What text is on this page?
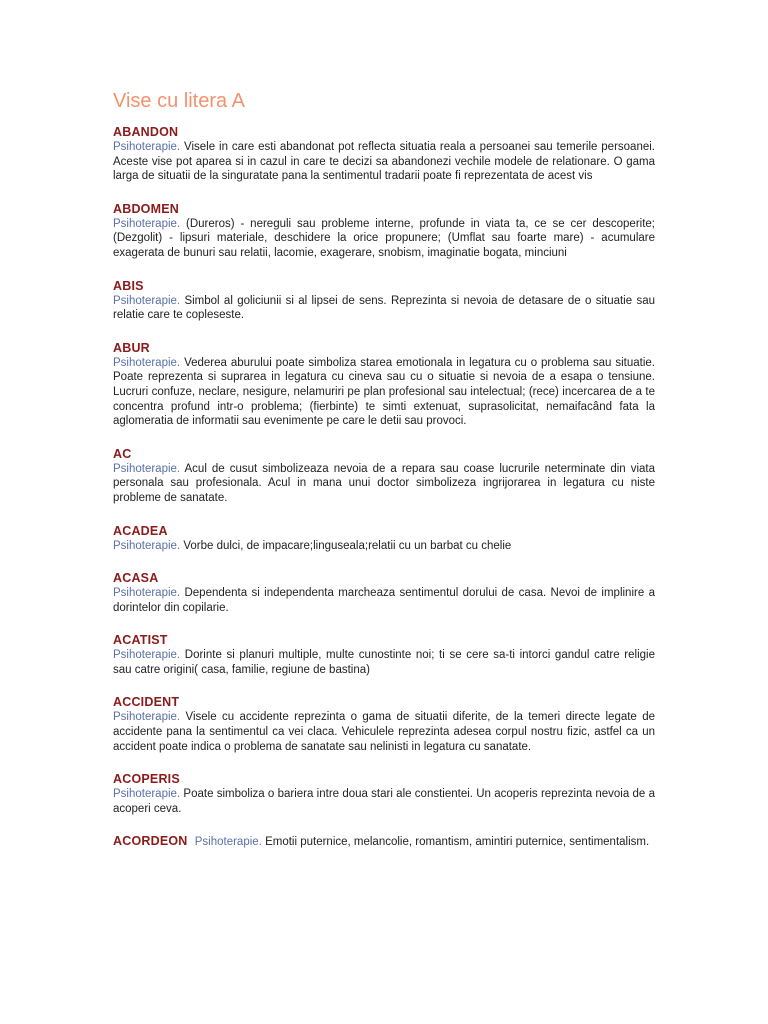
Vise cu litera A
ABANDON

Psihoterapie. Visele in care esti abandonat pot reflecta situatia reala a persoanei sau temerile persoanei. Aceste vise pot aparea si in cazul in care te decizi sa abandonezi vechile modele de relationare. O gama larga de situatii de la singuratate pana la sentimentul tradarii poate fi reprezentata de acest vis

ABDOMEN

Psihoterapie. (Dureros) - nereguli sau probleme interne, profunde in viata ta, ce se cer descoperite; (Dezgolit) - lipsuri materiale, deschidere la orice propunere; (Umflat sau foarte mare) - acumulare exagerata de bunuri sau relatii, lacomie, exagerare, snobism, imaginatie bogata, minciuni

ABIS

Psihoterapie. Simbol al goliciunii si al lipsei de sens. Reprezinta si nevoia de detasare de o situatie sau relatie care te copleseste.

ABUR

Psihoterapie. Vederea aburului poate simboliza starea emotionala in legatura cu o problema sau situatie. Poate reprezenta si suprarea in legatura cu cineva sau cu o situatie si nevoia de a esapa o tensiune. Lucruri confuze, neclare, nesigure, nelamuriri pe plan profesional sau intelectual; (rece) incercarea de a te concentra profund intr-o problema; (fierbinte) te simti extenuat, suprasolicitat, nemaifacând fata la aglomeratia de informatii sau evenimente pe care le detii sau provoci.

AC

Psihoterapie. Acul de cusut simbolizeaza nevoia de a repara sau coase lucrurile neterminate din viata personala sau profesionala. Acul in mana unui doctor simbolizeza ingrijorarea in legatura cu niste probleme de sanatate.

ACADEA

Psihoterapie. Vorbe dulci, de impacare;linguseala;relatii cu un barbat cu chelie

ACASA

Psihoterapie. Dependenta si independenta marcheaza sentimentul dorului de casa. Nevoi de implinire a dorintelor din copilarie.

ACATIST

Psihoterapie. Dorinte si planuri multiple, multe cunostinte noi; ti se cere sa-ti intorci gandul catre religie sau catre origini( casa, familie, regiune de bastina)

ACCIDENT

Psihoterapie. Visele cu accidente reprezinta o gama de situatii diferite, de la temeri directe legate de accidente pana la sentimentul ca vei claca. Vehiculele reprezinta adesea corpul nostru fizic, astfel ca un accident poate indica o problema de sanatate sau nelinisti in legatura cu sanatate.

ACOPERIS

Psihoterapie. Poate simboliza o bariera intre doua stari ale constientei. Un acoperis reprezinta nevoia de a acoperi ceva.

ACORDEON Psihoterapie. Emotii puternice, melancolie, romantism, amintiri puternice, sentimentalism.
